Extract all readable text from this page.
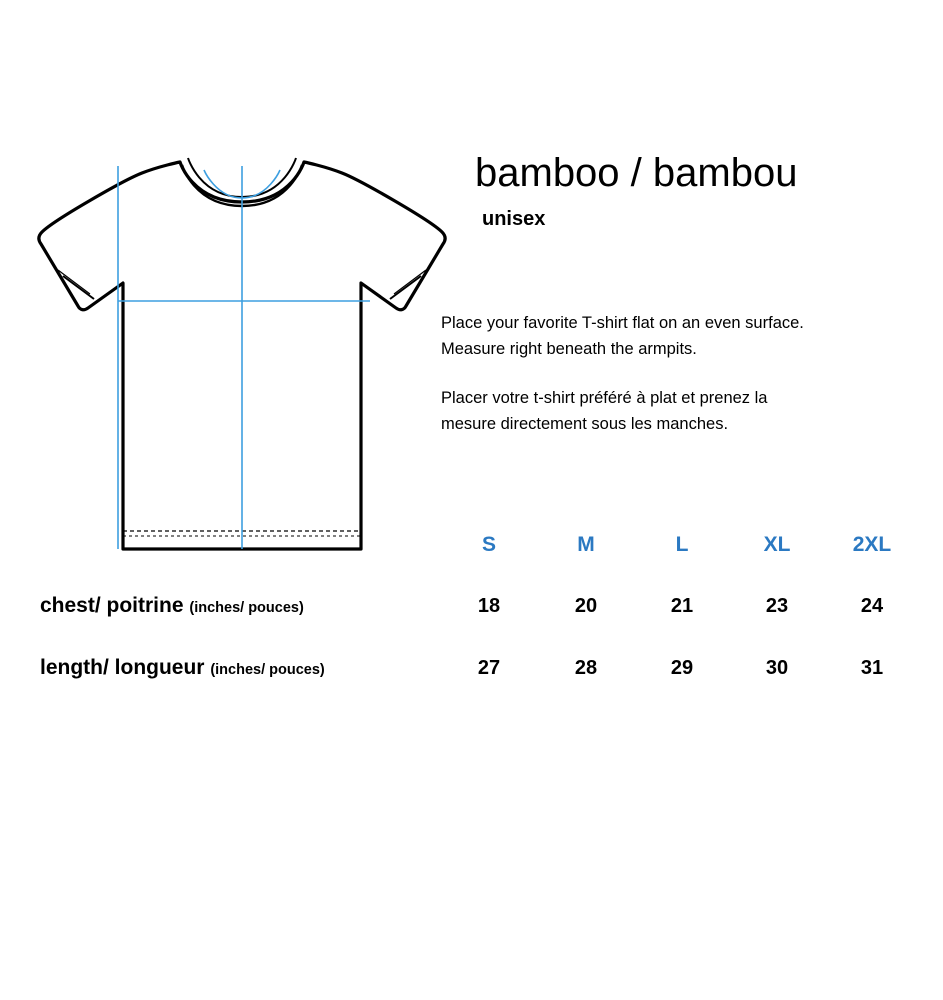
bamboo / bambou
unisex

Place your favorite T-shirt flat on an even surface.

Measure right beneath the armpits.

Placer votre t-shirt préféré à plat et prenez la

mesure directement sous les manches.

	S	M	L	XL	2XL
chest/ poitrine (inches/ pouces)	18	20	21	23	24
length/ longueur (inches/ pouces)	27	28	29	30	31
